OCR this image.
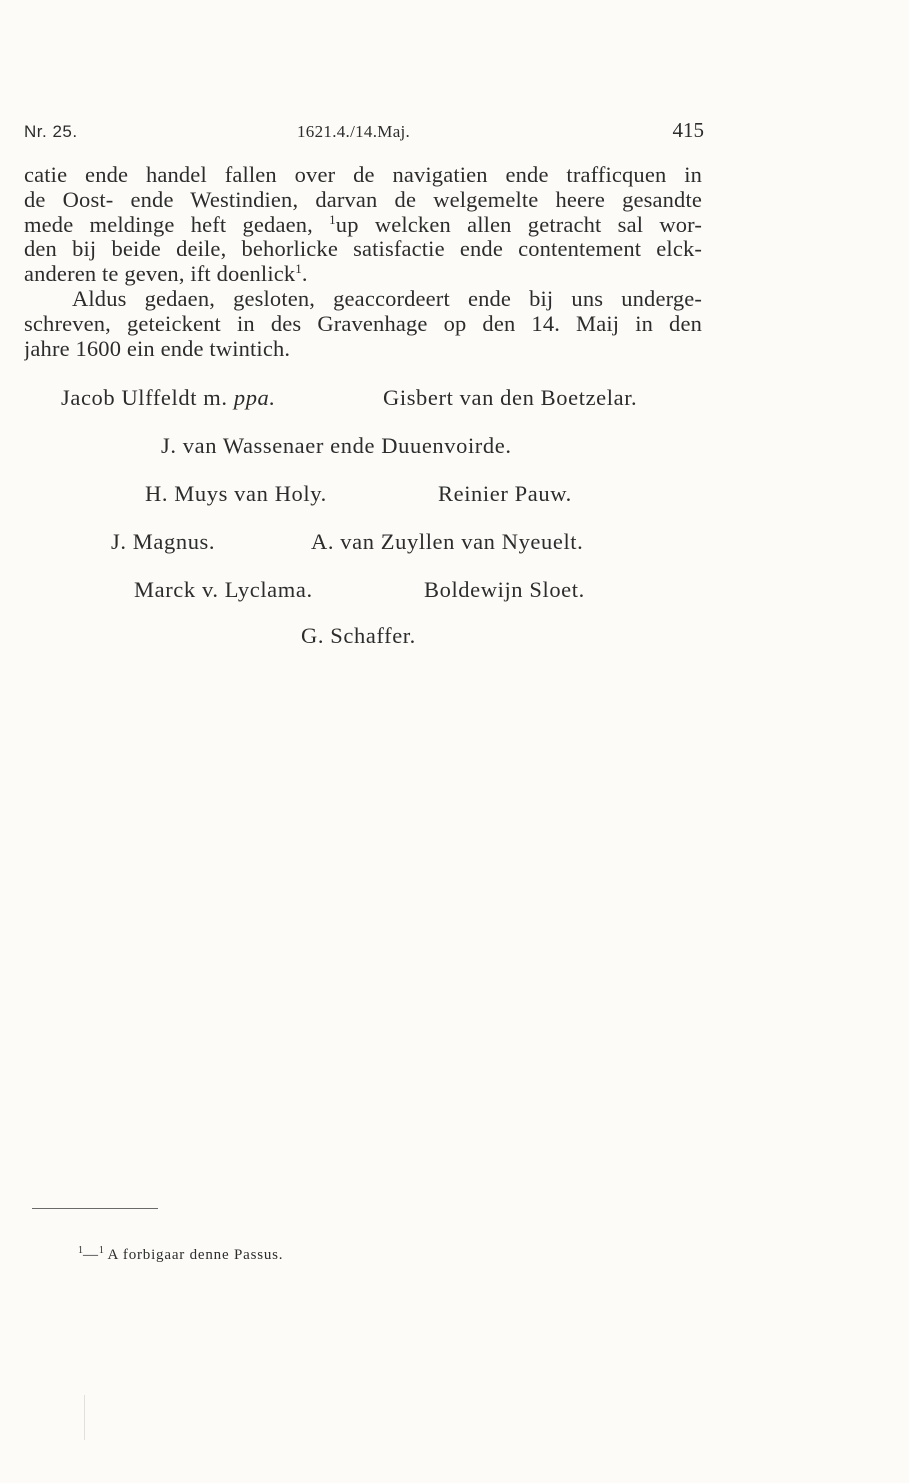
Nr. 25.	1621.4./14.Maj.	415
catie ende handel fallen over de navigatien ende trafficquen in
de Oost- ende Westindien, darvan de welgemelte heere gesandte
mede meldinge heft gedaen, $^1$up welcken allen getracht sal wor-
den bij beide deile, behorlicke satisfactie ende contentement elck-
anderen te geven, ift doenlick$^1$.
Aldus gedaen, gesloten, geaccordeert ende bij uns underge-
schreven, geteickent in des Gravenhage op den 14. Maij in den
jahre 1600 ein ende twintich.
Jacob Ulffeldt m. ppa.	Gisbert van den Boetzelar.
J. van Wassenaer ende Duuenvoirde.
H. Muys van Holy.	Reinier Pauw.
J. Magnus.	A. van Zuyllen van Nyeuelt.
Marck v. Lyclama.	Boldewijn Sloet.
G. Schaffer.
$^1$—$^1$ A forbigaar denne Passus.
